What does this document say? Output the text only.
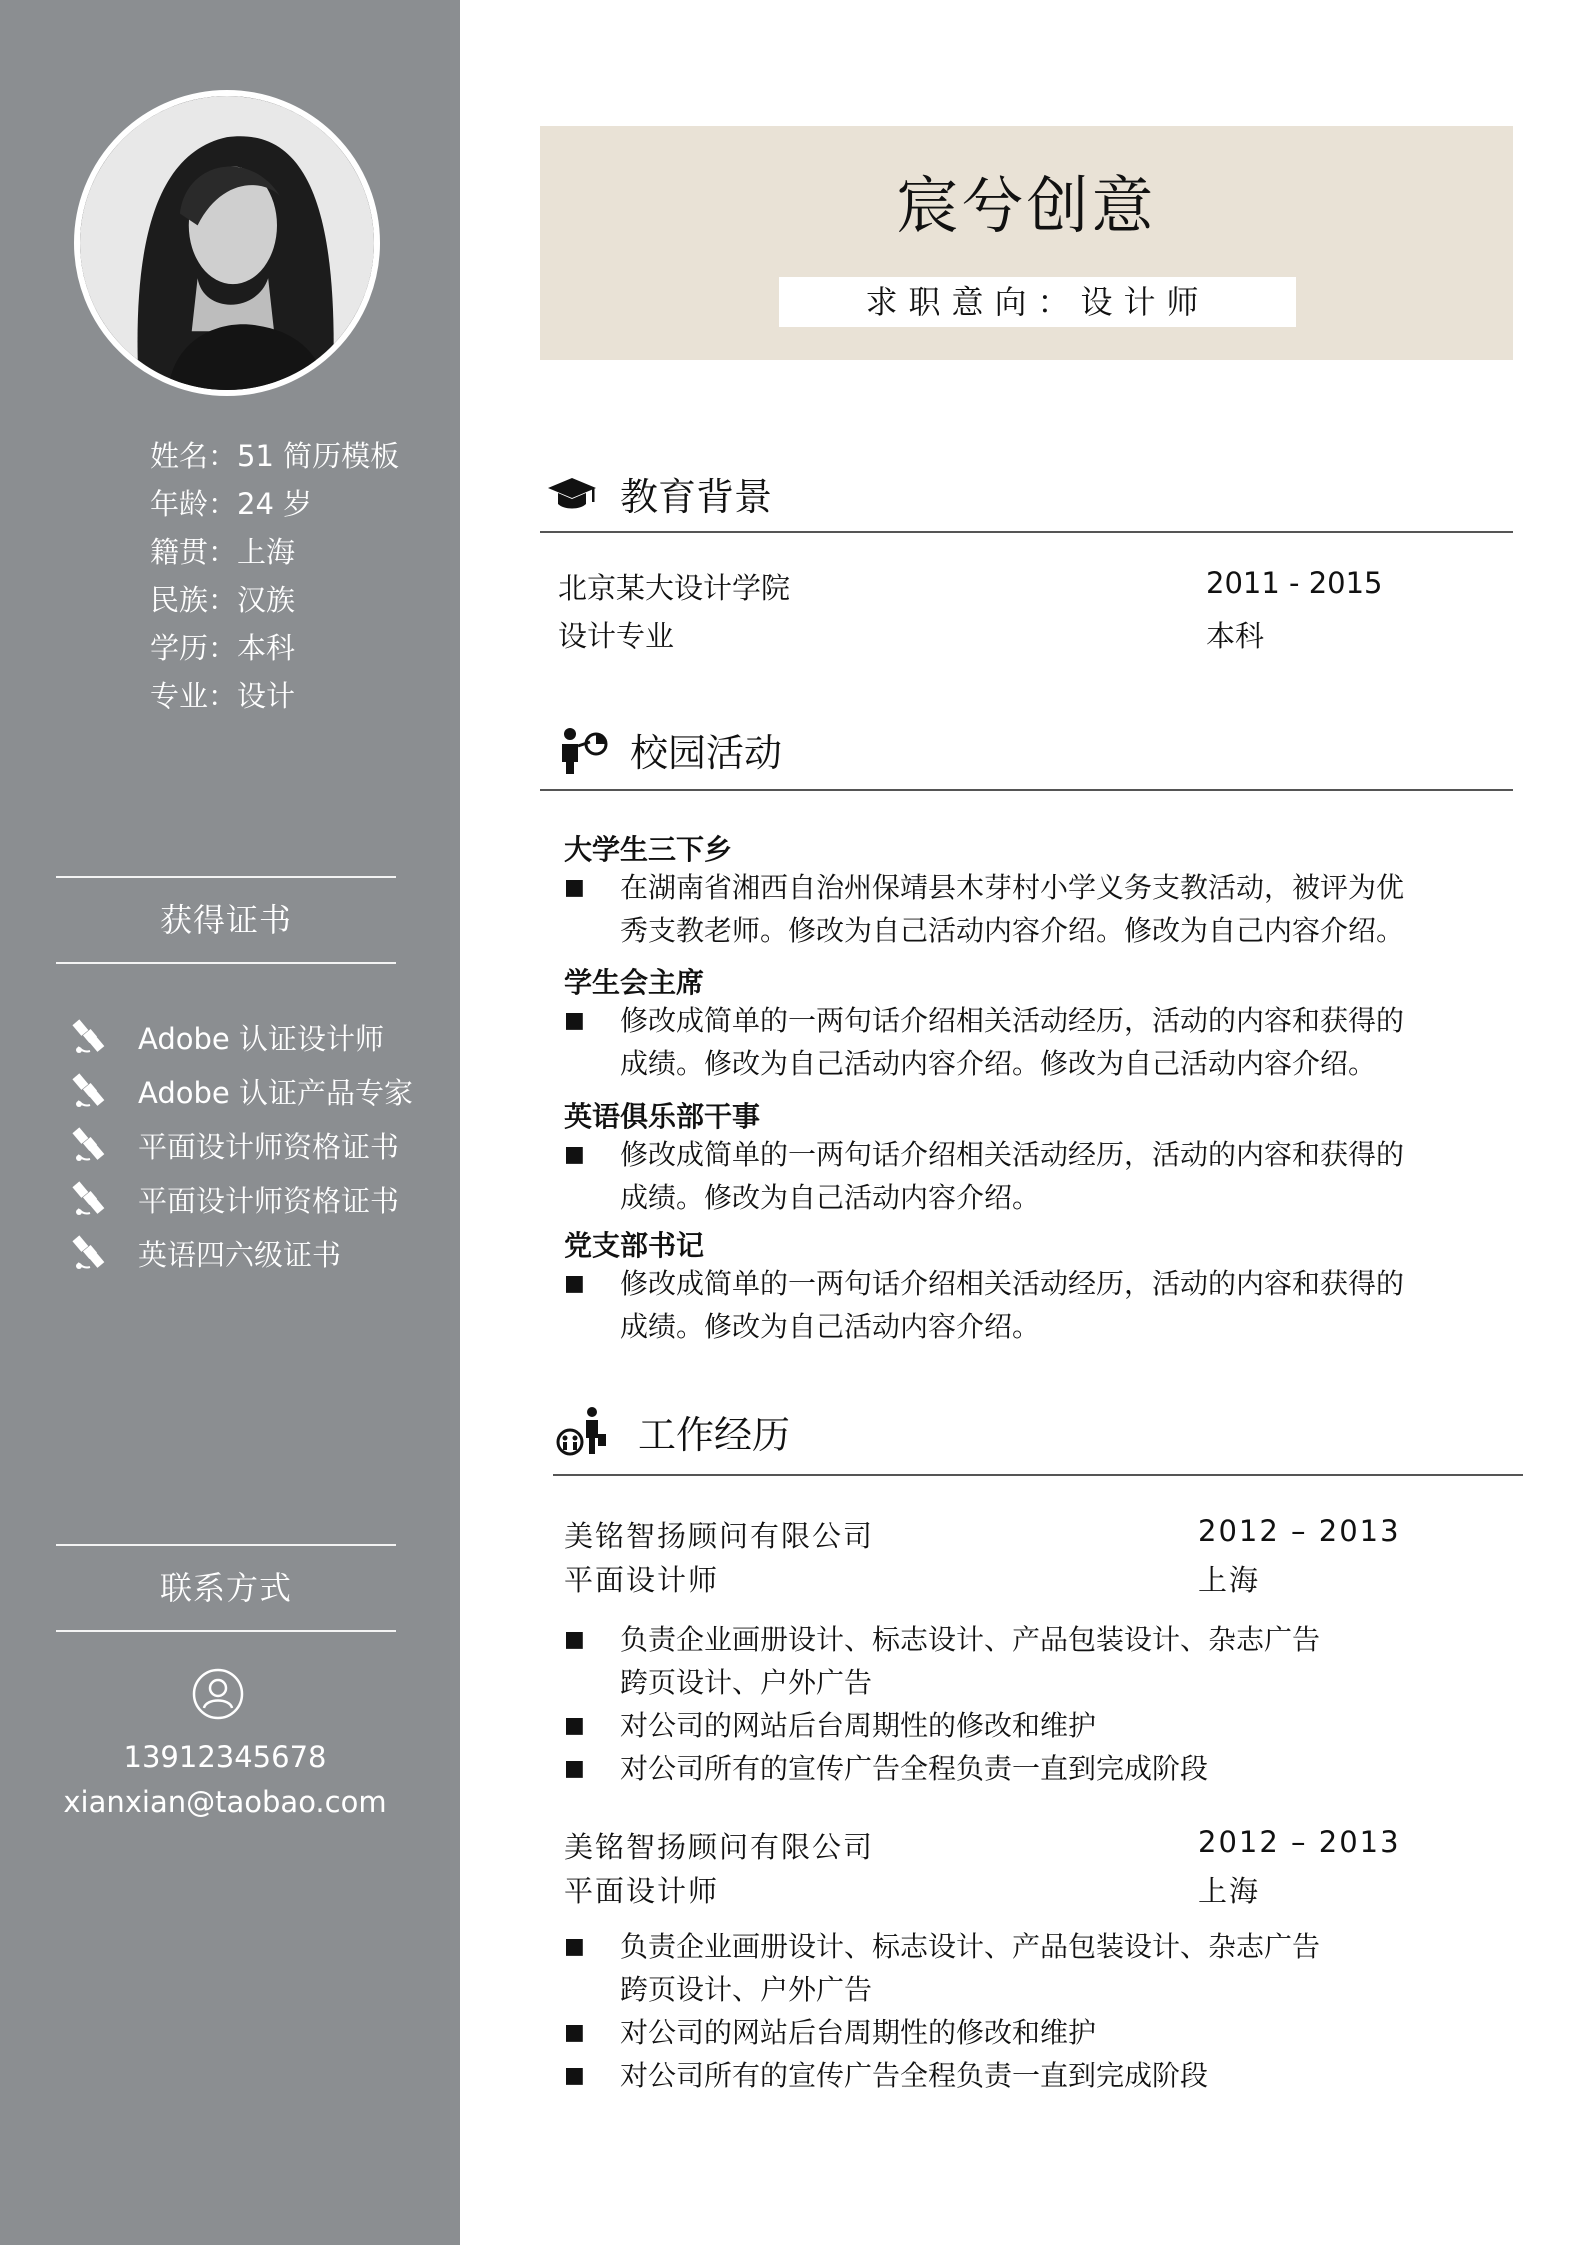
姓名：51 简历模板
年龄：24 岁
籍贯：上海
民族：汉族
学历：本科
专业：设计
获得证书
Adobe 认证设计师
Adobe 认证产品专家
平面设计师资格证书
平面设计师资格证书
英语四六级证书
联系方式
13912345678
xianxian@taobao.com
宸兮创意
求职意向：设计师
教育背景
北京某大设计学院	2011 - 2015
设计专业	本科
校园活动
大学生三下乡
■ 在湖南省湘西自治州保靖县木芽村小学义务支教活动，被评为优秀支教老师。修改为自己活动内容介绍。修改为自己内容介绍。
学生会主席
■ 修改成简单的一两句话介绍相关活动经历，活动的内容和获得的成绩。修改为自己活动内容介绍。修改为自己活动内容介绍。
英语俱乐部干事
■ 修改成简单的一两句话介绍相关活动经历，活动的内容和获得的成绩。修改为自己活动内容介绍。
党支部书记
■ 修改成简单的一两句话介绍相关活动经历，活动的内容和获得的成绩。修改为自己活动内容介绍。
工作经历
美铭智扬顾问有限公司	2012 – 2013
平面设计师	上海
■ 负责企业画册设计、标志设计、产品包装设计、杂志广告跨页设计、户外广告
■ 对公司的网站后台周期性的修改和维护
■ 对公司所有的宣传广告全程负责一直到完成阶段
美铭智扬顾问有限公司	2012 – 2013
平面设计师	上海
■ 负责企业画册设计、标志设计、产品包装设计、杂志广告跨页设计、户外广告
■ 对公司的网站后台周期性的修改和维护
■ 对公司所有的宣传广告全程负责一直到完成阶段
